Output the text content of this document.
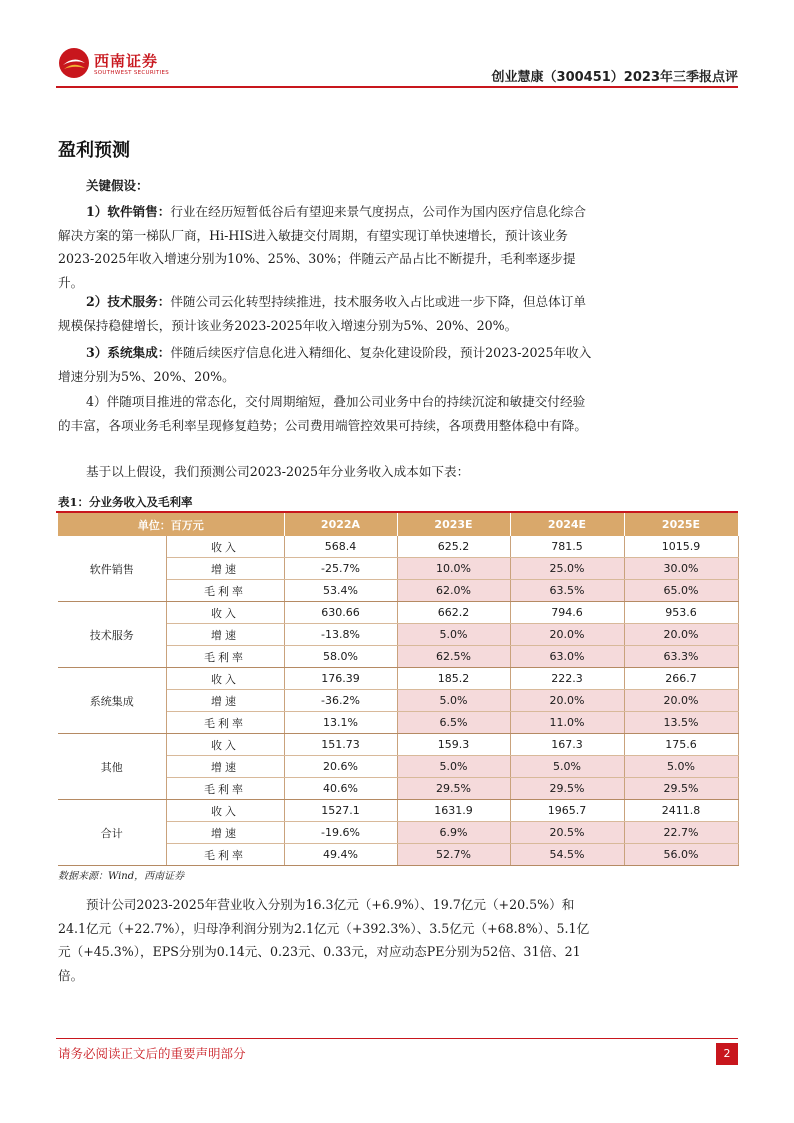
西南证券
SOUTHWEST SECURITIES	创业慧康（300451）2023年三季报点评
盈利预测
关键假设：
1）软件销售：行业在经历短暂低谷后有望迎来景气度拐点，公司作为国内医疗信息化综合解决方案的第一梯队厂商，Hi-HIS进入敏捷交付周期，有望实现订单快速增长，预计该业务2023-2025年收入增速分别为10%、25%、30%；伴随云产品占比不断提升，毛利率逐步提升。
2）技术服务：伴随公司云化转型持续推进，技术服务收入占比或进一步下降，但总体订单规模保持稳健增长，预计该业务2023-2025年收入增速分别为5%、20%、20%。
3）系统集成：伴随后续医疗信息化进入精细化、复杂化建设阶段，预计2023-2025年收入增速分别为5%、20%、20%。
4）伴随项目推进的常态化，交付周期缩短，叠加公司业务中台的持续沉淀和敏捷交付经验的丰富，各项业务毛利率呈现修复趋势；公司费用端管控效果可持续，各项费用整体稳中有降。
基于以上假设，我们预测公司2023-2025年分业务收入成本如下表：
表1：分业务收入及毛利率
单位：百万元		2022A	2023E	2024E	2025E
软件销售	收入	568.4	625.2	781.5	1015.9
	增速	-25.7%	10.0%	25.0%	30.0%
	毛利率	53.4%	62.0%	63.5%	65.0%
技术服务	收入	630.66	662.2	794.6	953.6
	增速	-13.8%	5.0%	20.0%	20.0%
	毛利率	58.0%	62.5%	63.0%	63.3%
系统集成	收入	176.39	185.2	222.3	266.7
	增速	-36.2%	5.0%	20.0%	20.0%
	毛利率	13.1%	6.5%	11.0%	13.5%
其他	收入	151.73	159.3	167.3	175.6
	增速	20.6%	5.0%	5.0%	5.0%
	毛利率	40.6%	29.5%	29.5%	29.5%
合计	收入	1527.1	1631.9	1965.7	2411.8
	增速	-19.6%	6.9%	20.5%	22.7%
	毛利率	49.4%	52.7%	54.5%	56.0%
数据来源：Wind，西南证券
预计公司2023-2025年营业收入分别为16.3亿元（+6.9%）、19.7亿元（+20.5%）和24.1亿元（+22.7%），归母净利润分别为2.1亿元（+392.3%）、3.5亿元（+68.8%）、5.1亿元（+45.3%），EPS分别为0.14元、0.23元、0.33元，对应动态PE分别为52倍、31倍、21倍。
请务必阅读正文后的重要声明部分	2
